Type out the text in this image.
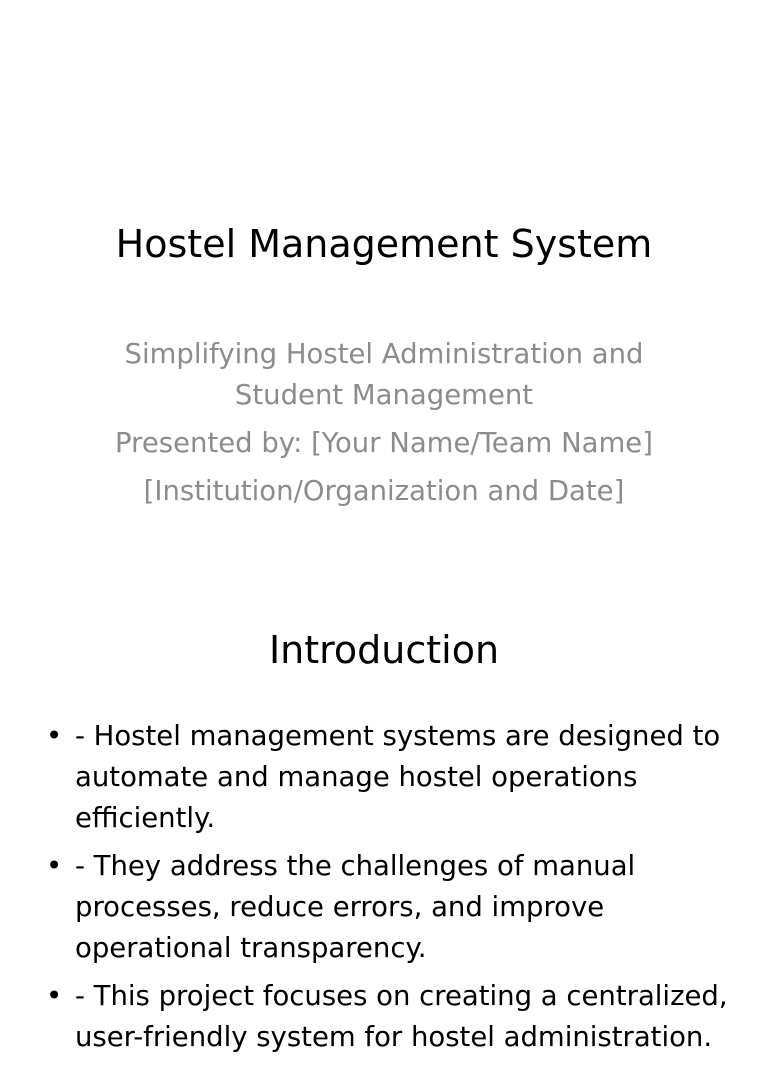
Hostel Management System
Simplifying Hostel Administration and Student Management
Presented by: [Your Name/Team Name]
[Institution/Organization and Date]
Introduction
• - Hostel management systems are designed to automate and manage hostel operations efficiently.
• - They address the challenges of manual processes, reduce errors, and improve operational transparency.
• - This project focuses on creating a centralized, user-friendly system for hostel administration.
